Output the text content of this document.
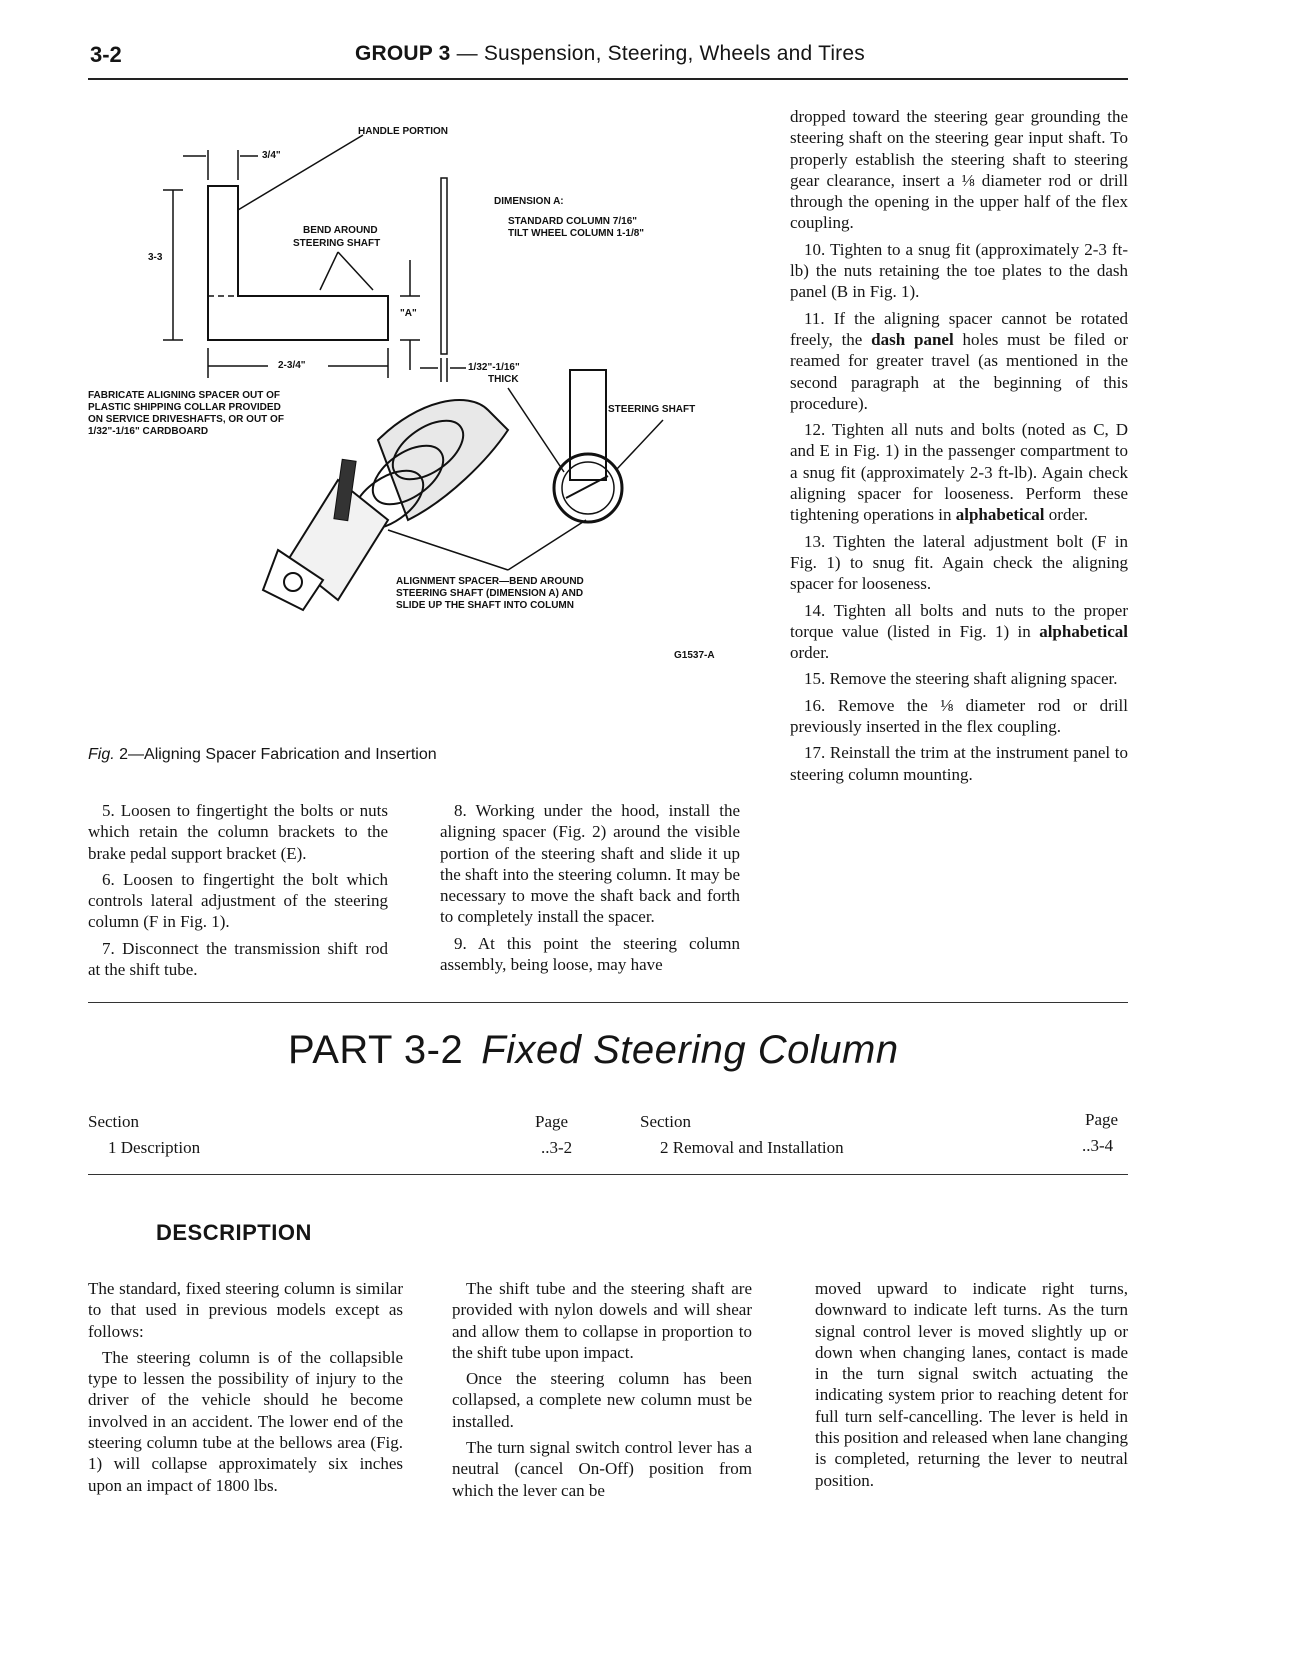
3-2	GROUP 3 — Suspension, Steering, Wheels and Tires
HANDLE PORTION
3/4"
BEND AROUND
STEERING SHAFT
DIMENSION A:
STANDARD COLUMN 7/16"
TILT WHEEL COLUMN 1-1/8"
3-3
"A"
2-3/4"	1/32"-1/16"
THICK
FABRICATE ALIGNING SPACER OUT OF
PLASTIC SHIPPING COLLAR PROVIDED
ON SERVICE DRIVESHAFTS, OR OUT OF
1/32"-1/16" CARDBOARD
STEERING SHAFT
ALIGNMENT SPACER—BEND AROUND
STEERING SHAFT (DIMENSION A) AND
SLIDE UP THE SHAFT INTO COLUMN
G1537-A
Fig. 2—Aligning Spacer Fabrication and Insertion

5. Loosen to fingertight the bolts or nuts which retain the column brackets to the brake pedal support bracket (E).

6. Loosen to fingertight the bolt which controls lateral adjustment of the steering column (F in Fig. 1).

7. Disconnect the transmission shift rod at the shift tube.

8. Working under the hood, install the aligning spacer (Fig. 2) around the visible portion of the steering shaft and slide it up the shaft into the steering column. It may be necessary to move the shaft back and forth to completely install the spacer.

9. At this point the steering column assembly, being loose, may have

dropped toward the steering gear grounding the steering shaft on the steering gear input shaft. To properly establish the steering shaft to steering gear clearance, insert a ⅛ diameter rod or drill through the opening in the upper half of the flex coupling.

10. Tighten to a snug fit (approximately 2-3 ft-lb) the nuts retaining the toe plates to the dash panel (B in Fig. 1).

11. If the aligning spacer cannot be rotated freely, the dash panel holes must be filed or reamed for greater travel (as mentioned in the second paragraph at the beginning of this procedure).

12. Tighten all nuts and bolts (noted as C, D and E in Fig. 1) in the passenger compartment to a snug fit (approximately 2-3 ft-lb). Again check aligning spacer for looseness. Perform these tightening operations in alphabetical order.

13. Tighten the lateral adjustment bolt (F in Fig. 1) to snug fit. Again check the aligning spacer for looseness.

14. Tighten all bolts and nuts to the proper torque value (listed in Fig. 1) in alphabetical order.

15. Remove the steering shaft aligning spacer.

16. Remove the ⅛ diameter rod or drill previously inserted in the flex coupling.

17. Reinstall the trim at the instrument panel to steering column mounting.

PART 3-2 Fixed Steering Column
Section
1 Description
Page
..3-2
Section
2 Removal and Installation
Page
..3-4
DESCRIPTION

The standard, fixed steering column is similar to that used in previous models except as follows:

The steering column is of the collapsible type to lessen the possibility of injury to the driver of the vehicle should he become involved in an accident. The lower end of the steering column tube at the bellows area (Fig. 1) will collapse approximately six inches upon an impact of 1800 lbs.

The shift tube and the steering shaft are provided with nylon dowels and will shear and allow them to collapse in proportion to the shift tube upon impact.

Once the steering column has been collapsed, a complete new column must be installed.

The turn signal switch control lever has a neutral (cancel On-Off) position from which the lever can be

moved upward to indicate right turns, downward to indicate left turns. As the turn signal control lever is moved slightly up or down when changing lanes, contact is made in the turn signal switch actuating the indicating system prior to reaching detent for full turn self-cancelling. The lever is held in this position and released when lane changing is completed, returning the lever to neutral position.
